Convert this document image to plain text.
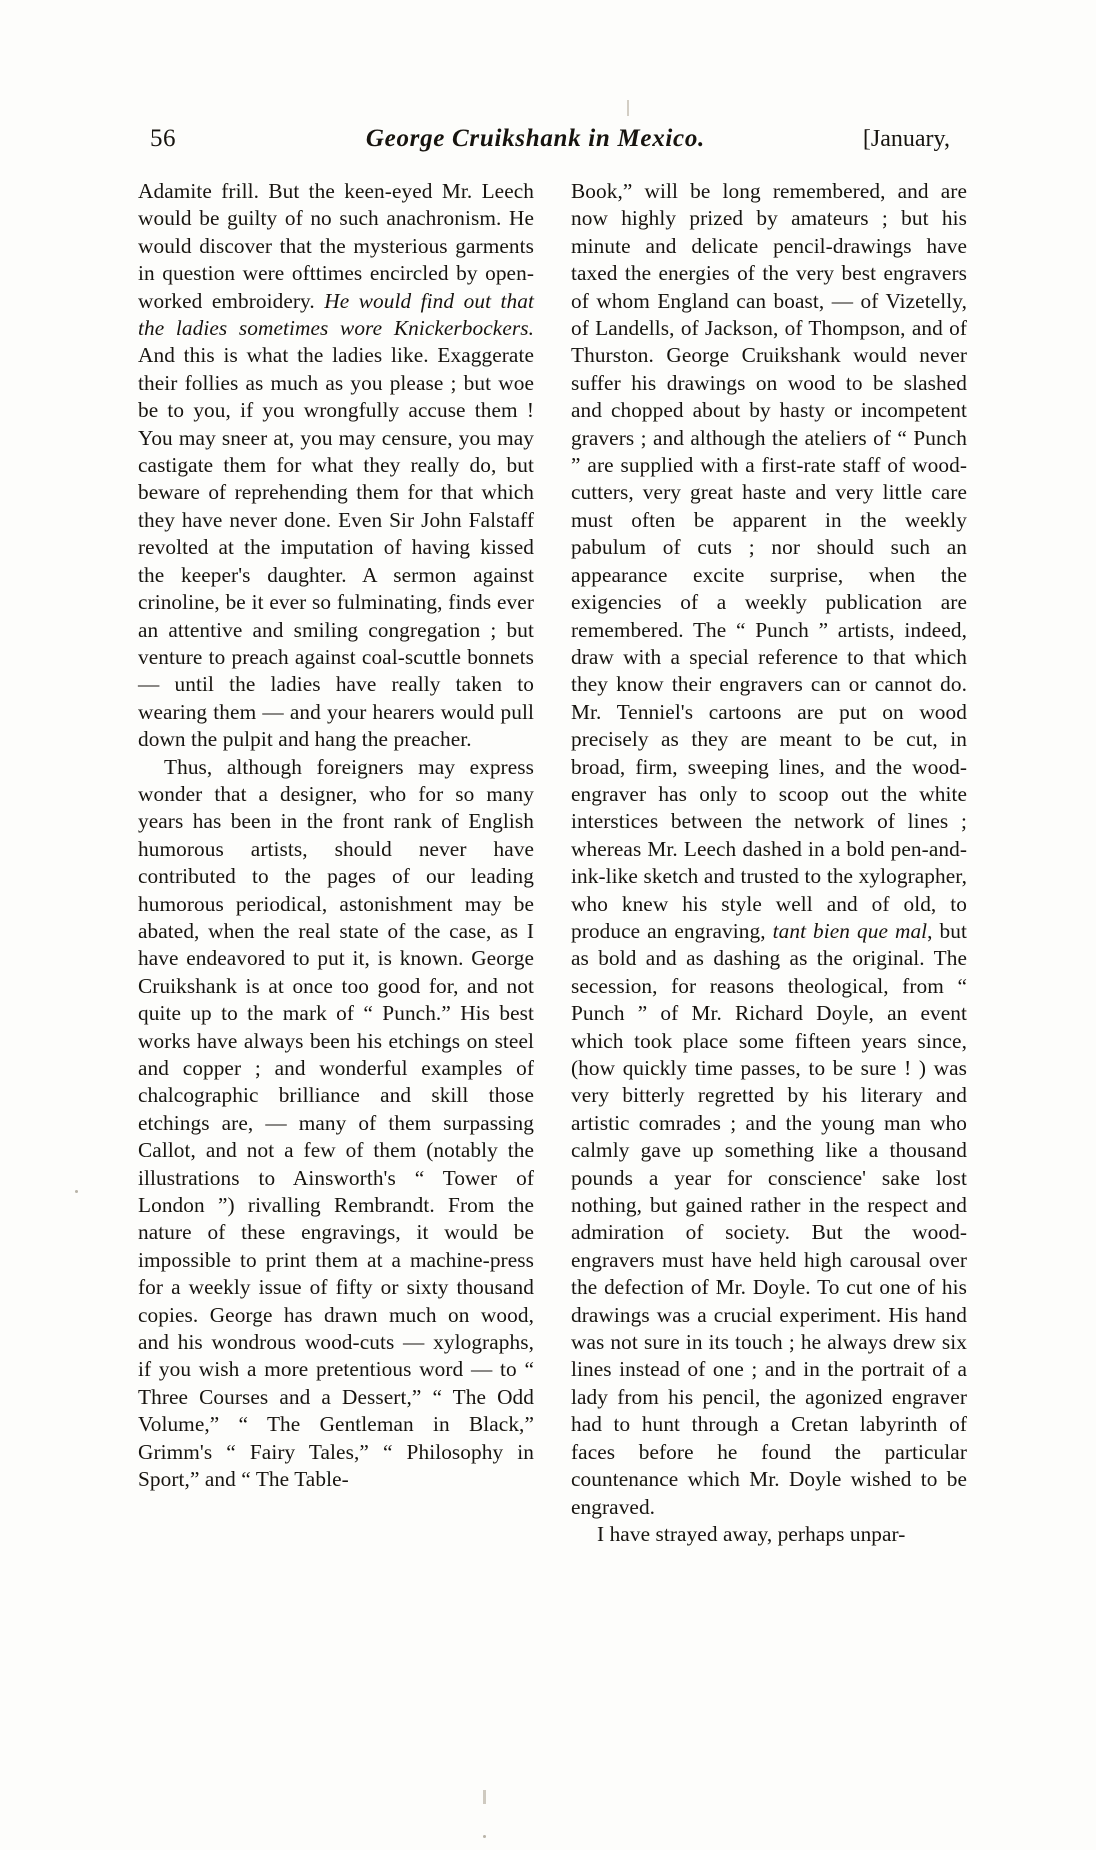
56	George Cruikshank in Mexico.	[January,

Adamite frill. But the keen-eyed Mr. Leech would be guilty of no such anachronism. He would discover that the mysterious garments in question were ofttimes encircled by open-worked embroidery. He would find out that the ladies sometimes wore Knickerbockers. And this is what the ladies like. Exaggerate their follies as much as you please ; but woe be to you, if you wrongfully accuse them ! You may sneer at, you may censure, you may castigate them for what they really do, but beware of reprehending them for that which they have never done. Even Sir John Falstaff revolted at the imputation of having kissed the keeper's daughter. A sermon against crinoline, be it ever so fulminating, finds ever an attentive and smiling congregation ; but venture to preach against coal-scuttle bonnets — until the ladies have really taken to wearing them — and your hearers would pull down the pulpit and hang the preacher.

Thus, although foreigners may express wonder that a designer, who for so many years has been in the front rank of English humorous artists, should never have contributed to the pages of our leading humorous periodical, astonishment may be abated, when the real state of the case, as I have endeavored to put it, is known. George Cruikshank is at once too good for, and not quite up to the mark of “ Punch.” His best works have always been his etchings on steel and copper ; and wonderful examples of chalcographic brilliance and skill those etchings are, — many of them surpassing Callot, and not a few of them (notably the illustrations to Ainsworth's “ Tower of London ”) rivalling Rembrandt. From the nature of these engravings, it would be impossible to print them at a machine-press for a weekly issue of fifty or sixty thousand copies. George has drawn much on wood, and his wondrous wood-cuts — xylographs, if you wish a more pretentious word — to “ Three Courses and a Dessert,” “ The Odd Volume,” “ The Gentleman in Black,” Grimm's “ Fairy Tales,” “ Philosophy in Sport,” and “ The Table-

Book,” will be long remembered, and are now highly prized by amateurs ; but his minute and delicate pencil-drawings have taxed the energies of the very best engravers of whom England can boast, — of Vizetelly, of Landells, of Jackson, of Thompson, and of Thurston. George Cruikshank would never suffer his drawings on wood to be slashed and chopped about by hasty or incompetent gravers ; and although the ateliers of “ Punch ” are supplied with a first-rate staff of wood-cutters, very great haste and very little care must often be apparent in the weekly pabulum of cuts ; nor should such an appearance excite surprise, when the exigencies of a weekly publication are remembered. The “ Punch ” artists, indeed, draw with a special reference to that which they know their engravers can or cannot do. Mr. Tenniel's cartoons are put on wood precisely as they are meant to be cut, in broad, firm, sweeping lines, and the wood-engraver has only to scoop out the white interstices between the network of lines ; whereas Mr. Leech dashed in a bold pen-and-ink-like sketch and trusted to the xylographer, who knew his style well and of old, to produce an engraving, tant bien que mal, but as bold and as dashing as the original. The secession, for reasons theological, from “ Punch ” of Mr. Richard Doyle, an event which took place some fifteen years since, (how quickly time passes, to be sure ! ) was very bitterly regretted by his literary and artistic comrades ; and the young man who calmly gave up something like a thousand pounds a year for conscience' sake lost nothing, but gained rather in the respect and admiration of society. But the wood-engravers must have held high carousal over the defection of Mr. Doyle. To cut one of his drawings was a crucial experiment. His hand was not sure in its touch ; he always drew six lines instead of one ; and in the portrait of a lady from his pencil, the agonized engraver had to hunt through a Cretan labyrinth of faces before he found the particular countenance which Mr. Doyle wished to be engraved.

I have strayed away, perhaps unpar-
